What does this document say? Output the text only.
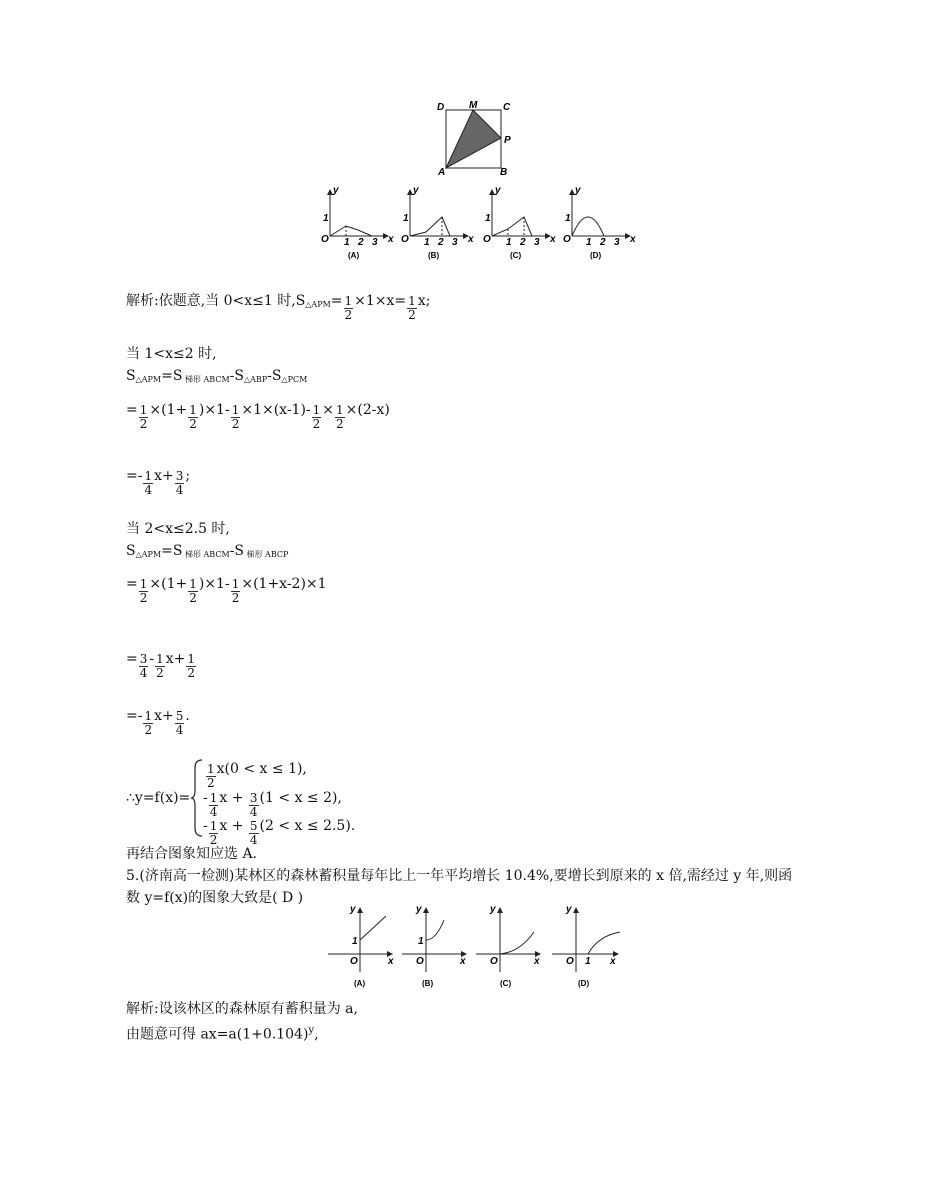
D M	C
P
A	B
y
x
O
1
1 2 3
(A)
y
x
O
1
1 2 3
(B)
y
x
O
1
1 2 3
(C)
y
x
O
1
1 2 3
(D)
解析:依题意,当 0<x≤1 时$,S_{\triangle APM}= \frac{1}{2} \times 1\times x= \frac{1}{2} x$;
当 1<x≤2 时,
$S_{\triangle APM}=S$ $_{梯形 ABCM}-S_{\triangle ABP}-S_{\triangle PCM}$
= $\frac{1}{2} \times(1+ \frac{1}{2} )\times 1- \frac{1}{2} \times 1\times(x-1)- \frac{1}{2} \times \frac{1}{2} \times(2-x)$
=- $\frac{1}{4} x+ \frac{3}{4}$ ;
当 2<x≤2.5 时,
$S_{\triangle APM}=S$ $_{梯形 ABCM}$-S $_{梯形 ABCP}$
= $\frac{1}{2} \times(1+ \frac{1}{2} )\times 1- \frac{1}{2} \times(1+x-2)\times 1$
= $\frac{3}{4} - \frac{1}{2} x+ \frac{1}{2}$
=- $\frac{1}{2} x+ \frac{5}{4}$ .
∴y=f(x)=
$\frac{1}{2} x(0 < x \le 1)$,
- $\frac{1}{4}$ $x + \frac{3}{4} (1 < x \le 2)$,
- $\frac{1}{2}$ $x + \frac{5}{4} (2 < x \le 2.5)$.
再结合图象知应选 A.
5.(济南高一检测)某林区的森林蓄积量每年比上一年平均增长 10.4%,要增长到原来的 x 倍,需经过 y 年,则函
数 y=f(x)的图象大致是( D )
y
1
O	x
(A)
y
1
O	x
(B)
y
O	x
(C)
y
O 1 x
(D)
解析:设该林区的森林原有蓄积量为 a,
由题意可得 $ax=a(1+0.104)^y$,
